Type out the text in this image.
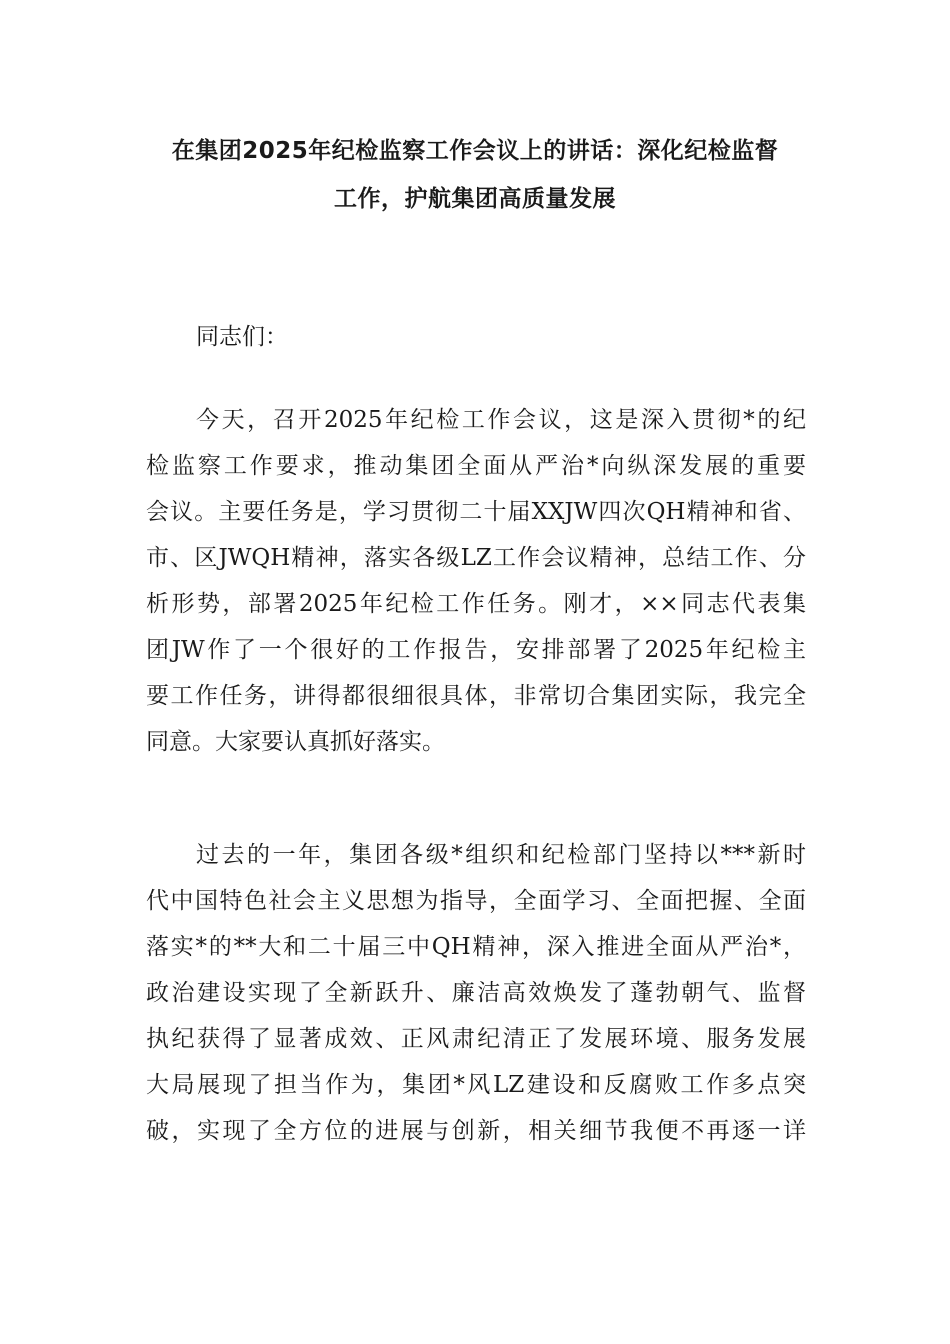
在集团2025年纪检监察工作会议上的讲话：深化纪检监督
工作，护航集团高质量发展
同志们：
今天，召开2025年纪检工作会议，这是深入贯彻*的纪
检监察工作要求，推动集团全面从严治*向纵深发展的重要
会议。主要任务是，学习贯彻二十届XXJW四次QH精神和省、
市、区JWQH精神，落实各级LZ工作会议精神，总结工作、分
析形势，部署2025年纪检工作任务。刚才，××同志代表集
团JW作了一个很好的工作报告，安排部署了2025年纪检主
要工作任务，讲得都很细很具体，非常切合集团实际，我完全
同意。大家要认真抓好落实。
过去的一年，集团各级*组织和纪检部门坚持以***新时
代中国特色社会主义思想为指导，全面学习、全面把握、全面
落实*的**大和二十届三中QH精神，深入推进全面从严治*，
政治建设实现了全新跃升、廉洁高效焕发了蓬勃朝气、监督
执纪获得了显著成效、正风肃纪清正了发展环境、服务发展
大局展现了担当作为，集团*风LZ建设和反腐败工作多点突
破，实现了全方位的进展与创新，相关细节我便不再逐一详
